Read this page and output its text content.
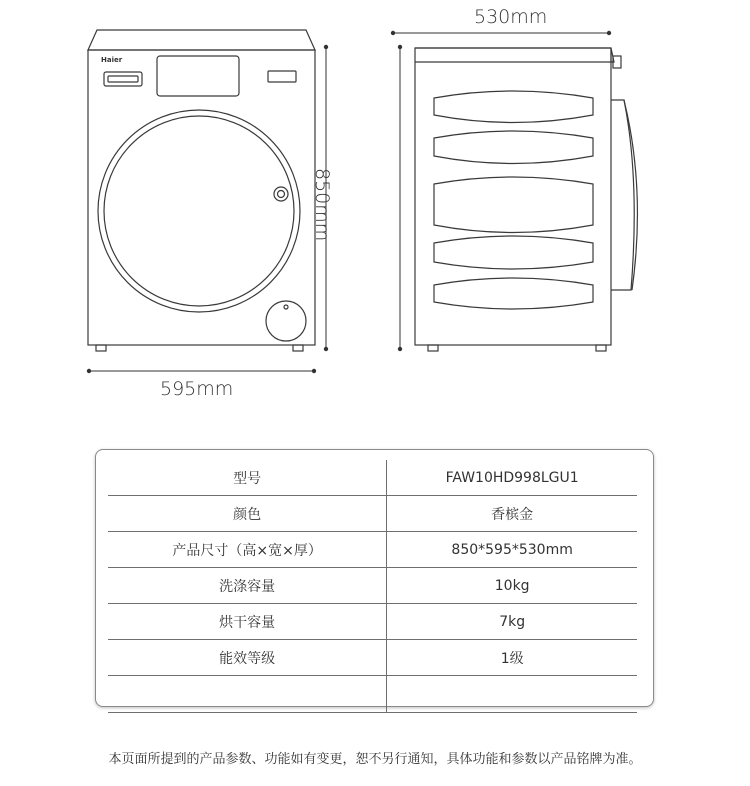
Haier
595mm
530mm
850mm
型号	FAW10HD998LGU1
颜色	香槟金
产品尺寸（高×宽×厚）	850*595*530mm
洗涤容量	10kg
烘干容量	7kg
能效等级	1级

本页面所提到的产品参数、功能如有变更，恕不另行通知，具体功能和参数以产品铭牌为准。
